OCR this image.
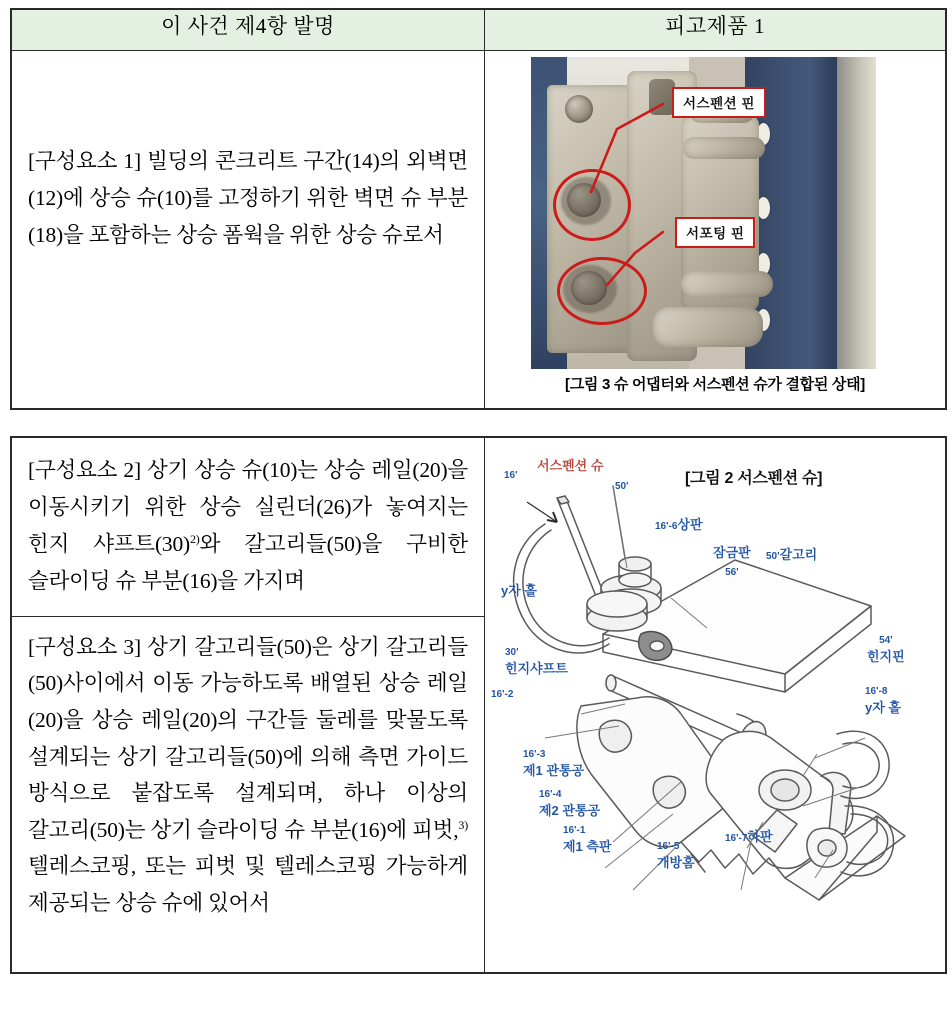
이 사건 제4항 발명	피고제품 1

[구성요소 1] 빌딩의 콘크리트 구간(14)의 외벽면(12)에 상승 슈(10)를 고정하기 위한 벽면 슈 부분(18)을 포함하는 상승 폼웍을 위한 상승 슈로서	서스펜션 핀
서포팅 핀
[그림 3 슈 어댑터와 서스펜션 슈가 결합된 상태]
[구성요소 2] 상기 상승 슈(10)는 상승 레일(20)을 이동시키기 위한 상승 실린더(26)가 놓여지는 힌지 샤프트$(30)^{2)}$와 갈고리들(50)을 구비한 슬라이딩 슈 부분(16)을 가지며

[그림 2 서스펜션 슈]
16ʹ
서스펜션 슈
50ʹ
16ʹ-6상판
잠금판
56ʹ
50ʹ갈고리
y자 홀
30ʹ
힌지샤프트
16ʹ-2
16ʹ-3
제1 관통공
16ʹ-4
제2 관통공
16ʹ-1
제1 측판	16ʹ-5
개방홈
16ʹ-7하판
54ʹ
힌지핀
16ʹ-8
y자 홀

[구성요소 3] 상기 갈고리들(50)은 상기 갈고리들(50)사이에서 이동 가능하도록 배열된 상승 레일(20)을 상승 레일(20)의 구간들 둘레를 맞물도록 설계되는 상기 갈고리들(50)에 의해 측면 가이드 방식으로 붙잡도록 설계되며, 하나 이상의 갈고리(50)는 상기 슬라이딩 슈 부분(16)에 피벗,$^{3)}$ 텔레스코핑, 또는 피벗 및 텔레스코핑 가능하게 제공되는 상승 슈에 있어서
